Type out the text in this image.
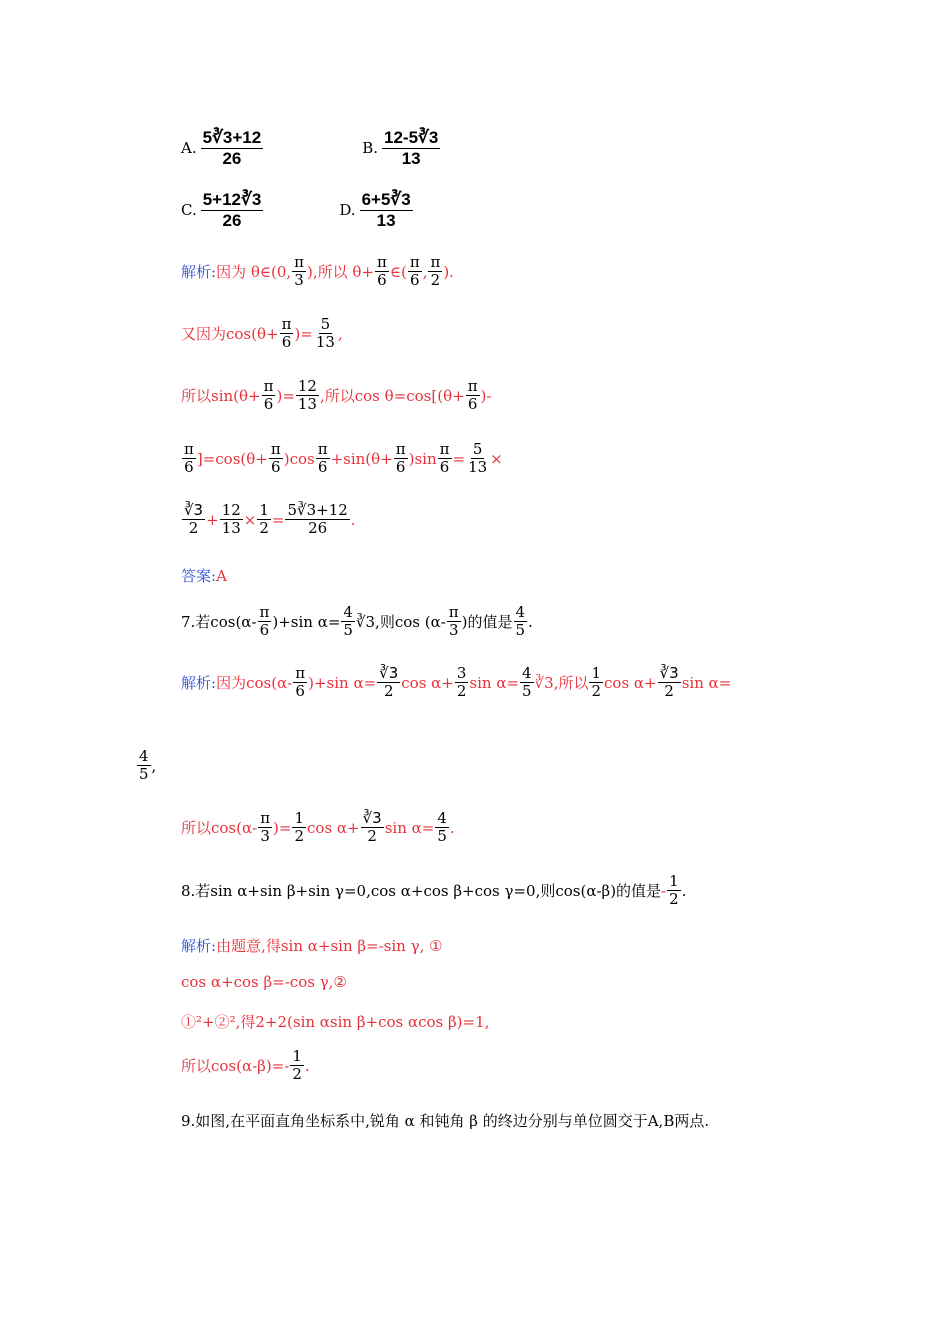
A. $\frac{5∛3+12}{26}$	B. $\frac{12-5∛3}{13}$
C. $\frac{5+12∛3}{26}$	D. $\frac{6+5∛3}{13}$
解析: 因为 θ∈(0, $\frac{\pi}{3}$ ),所以 $\theta+ \frac{\pi}{6}$ ∈( $\frac{\pi}{6}$ , $\frac{\pi}{2}$ ).
又因为$\cos(\theta+ \frac{\pi}{6}$ )= $\frac{5}{13}$ ,
所以$\sin(\theta+ \frac{\pi}{6}$ )= $\frac{12}{13}$ ,所以$\cos \theta=\cos[(\theta+ \frac{\pi}{6}$ )-
$\frac{\pi}{6} ]=\cos(\theta+ \frac{\pi}{6} )\cos \frac{\pi}{6} +\sin(\theta+ \frac{\pi}{6} )\sin \frac{\pi}{6} = \frac{5}{13}$ ×
$\frac{∛3}{2} + \frac{12}{13} \times \frac{1}{2} = \frac{5∛3+12}{26}$ .
答案: A
7.若$\cos(\alpha- \frac{\pi}{6} )+\sin$ $\alpha= \frac{4}{5}$ ∛3,则$\cos (\alpha- \frac{\pi}{3}$ )的值是 $\frac{4}{5}$ .
解析: 因为$\cos(\alpha- \frac{\pi}{6} )+\sin$ $\alpha= \frac{∛3}{2}$ $\cos \alpha+ \frac{3}{2}$ $\sin \alpha= \frac{4}{5}$ ∛3,所以 $\frac{1}{2}$ $\cos \alpha+ \frac{∛3}{2}$ sin α=
$\frac{4}{5}$ ,
所以$\cos(\alpha- \frac{\pi}{3}$ )= $\frac{1}{2}$ $\cos \alpha+ \frac{∛3}{2}$ $\sin \alpha= \frac{4}{5}$ .
8.若sin α+sin β+sin γ=0,cos α+cos β+cos γ=0,则cos(α-β)的值是 - $\frac{1}{2}$ .
解析: 由题意,得sin α+sin β=-sin γ, ①
cos α+cos β=-cos γ,②
①²+②²,得2+2(sin αsin β+cos αcos β)=1,
所以$\cos(\alpha-\beta)=- \frac{1}{2}$ .
9.如图,在平面直角坐标系中,锐角 α 和钝角 β 的终边分别与单位圆交于A,B两点.
